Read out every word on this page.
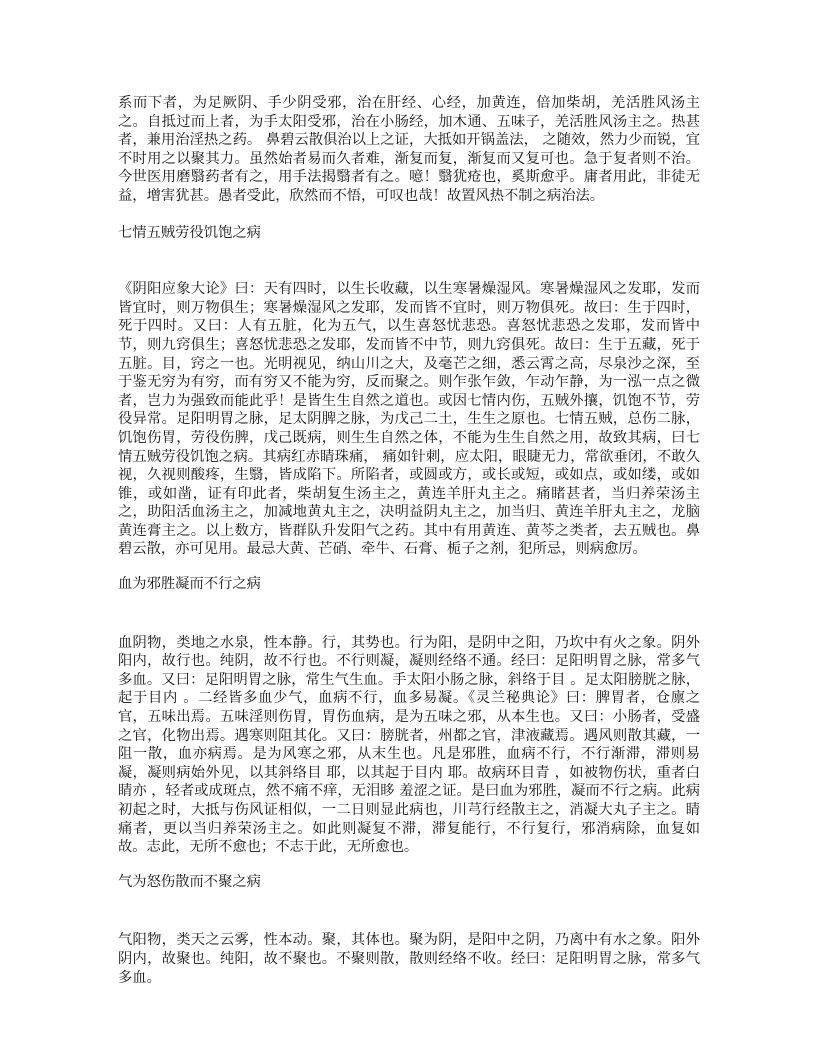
系而下者，为足厥阴、手少阴受邪，治在肝经、心经，加黄连，倍加柴胡，羌活胜风汤主之。自抵过而上者，为手太阳受邪，治在小肠经，加木通、五味子，羌活胜风汤主之。热甚者，兼用治淫热之药。 鼻碧云散俱治以上之证，大抵如开锅盖法， 之随效，然力少而锐，宜不时用之以聚其力。虽然始者易而久者难，渐复而复，渐复而又复可也。急于复者则不治。今世医用磨翳药者有之，用手法揭翳者有之。噫！翳犹疮也，奚斯愈乎。庸者用此，非徒无益，增害犹甚。愚者受此，欣然而不悟，可叹也哉！故置风热不制之病治法。

七情五贼劳役饥饱之病

《阴阳应象大论》曰：天有四时，以生长收藏，以生寒暑燥湿风。寒暑燥湿风之发耶，发而皆宜时，则万物俱生；寒暑燥湿风之发耶，发而皆不宜时，则万物俱死。故曰：生于四时，死于四时。又曰：人有五脏，化为五气，以生喜怒忧悲恐。喜怒忧悲恐之发耶，发而皆中节，则九窍俱生；喜怒忧悲恐之发耶，发而皆不中节，则九窍俱死。故曰：生于五藏，死于五脏。目，窍之一也。光明视见，纳山川之大，及毫芒之细，悉云霄之高，尽泉沙之深，至于鉴无穷为有穷，而有穷又不能为穷，反而聚之。则乍张乍敛，乍动乍静，为一泓一点之微者，岂力为强致而能此乎！是皆生生自然之道也。或因七情内伤，五贼外攘，饥饱不节，劳役异常。足阳明胃之脉，足太阴脾之脉，为戊己二土，生生之原也。七情五贼，总伤二脉，饥饱伤胃，劳役伤脾，戊己既病，则生生自然之体，不能为生生自然之用，故致其病，曰七情五贼劳役饥饱之病。其病红赤睛珠痛， 痛如针刺，应太阳，眼睫无力，常欲垂闭，不敢久视，久视则酸疼，生翳，皆成陷下。所陷者，或圆或方，或长或短，或如点，或如缕，或如锥，或如凿，证有印此者，柴胡复生汤主之，黄连羊肝丸主之。痛睹甚者，当归养荣汤主之，助阳活血汤主之，加减地黄丸主之，决明益阴丸主之，加当归、黄连羊肝丸主之，龙脑黄连膏主之。以上数方，皆群队升发阳气之药。其中有用黄连、黄芩之类者，去五贼也。鼻碧云散，亦可见用。最忌大黄、芒硝、牵牛、石膏、栀子之剂，犯所忌，则病愈厉。

血为邪胜凝而不行之病

血阴物，类地之水泉，性本静。行，其势也。行为阳，是阴中之阳，乃坎中有火之象。阴外阳内，故行也。纯阴，故不行也。不行则凝，凝则经络不通。经曰：足阳明胃之脉，常多气多血。又曰：足阳明胃之脉，常生气生血。手太阳小肠之脉，斜络于目 。足太阳膀胱之脉，起于目内 。二经皆多血少气，血病不行，血多易凝。《灵兰秘典论》曰：脾胃者，仓廪之官，五味出焉。五味淫则伤胃，胃伤血病，是为五味之邪，从本生也。又曰：小肠者，受盛之官，化物出焉。遇寒则阻其化。又曰：膀胱者，州都之官，津液藏焉。遇风则散其藏，一阻一散，血亦病焉。是为风寒之邪，从末生也。凡是邪胜，血病不行，不行渐滞，滞则易凝，凝则病始外见，以其斜络目 耶，以其起于目内 耶。故病环目青 ，如被物伤状，重者白睛亦 ，轻者或成斑点，然不痛不痒，无泪眵 羞涩之证。是曰血为邪胜，凝而不行之病。此病初起之时，大抵与伤风证相似，一二日则显此病也，川芎行经散主之，消凝大丸子主之。睛痛者，更以当归养荣汤主之。如此则凝复不滞，滞复能行，不行复行，邪消病除，血复如故。志此，无所不愈也；不志于此，无所愈也。

气为怒伤散而不聚之病

气阳物，类天之云雾，性本动。聚，其体也。聚为阴，是阳中之阴，乃离中有水之象。阳外阴内，故聚也。纯阳，故不聚也。不聚则散，散则经络不收。经曰：足阳明胃之脉，常多气多血。
